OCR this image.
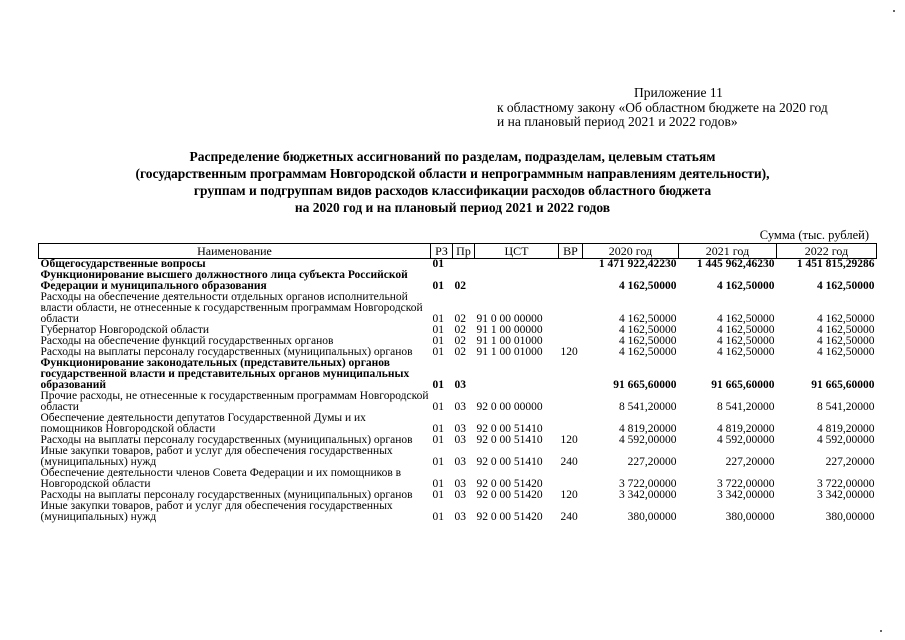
Приложение 11
к областному закону «Об областном бюджете на 2020 год
и на плановый период 2021 и 2022 годов»
Распределение бюджетных ассигнований по разделам, подразделам, целевым статьям
(государственным программам Новгородской области и непрограммным направлениям деятельности),
группам и подгруппам видов расходов классификации расходов областного бюджета
на 2020 год и на плановый период 2021 и 2022 годов
Сумма (тыс. рублей)
Наименование	РЗ	Пр	ЦСТ	ВР	2020 год	2021 год	2022 год
Общегосударственные вопросы	01				1 471 922,42230	1 445 962,46230	1 451 815,29286
Функционирование высшего должностного лица субъекта Российской Федерации и муниципального образования	01	02			4 162,50000	4 162,50000	4 162,50000
Расходы на обеспечение деятельности отдельных органов исполнительной власти области, не отнесенные к государственным программам Новгородской области	01	02	91 0 00 00000		4 162,50000	4 162,50000	4 162,50000
Губернатор Новгородской области	01	02	91 1 00 00000		4 162,50000	4 162,50000	4 162,50000
Расходы на обеспечение функций государственных органов	01	02	91 1 00 01000		4 162,50000	4 162,50000	4 162,50000
Расходы на выплаты персоналу государственных (муниципальных) органов	01	02	91 1 00 01000	120	4 162,50000	4 162,50000	4 162,50000
Функционирование законодательных (представительных) органов государственной власти и представительных органов муниципальных образований	01	03			91 665,60000	91 665,60000	91 665,60000
Прочие расходы, не отнесенные к государственным программам Новгородской области	01	03	92 0 00 00000		8 541,20000	8 541,20000	8 541,20000
Обеспечение деятельности депутатов Государственной Думы и их помощников Новгородской области	01	03	92 0 00 51410		4 819,20000	4 819,20000	4 819,20000
Расходы на выплаты персоналу государственных (муниципальных) органов	01	03	92 0 00 51410	120	4 592,00000	4 592,00000	4 592,00000
Иные закупки товаров, работ и услуг для обеспечения государственных (муниципальных) нужд	01	03	92 0 00 51410	240	227,20000	227,20000	227,20000
Обеспечение деятельности членов Совета Федерации и их помощников в Новгородской области	01	03	92 0 00 51420		3 722,00000	3 722,00000	3 722,00000
Расходы на выплаты персоналу государственных (муниципальных) органов	01	03	92 0 00 51420	120	3 342,00000	3 342,00000	3 342,00000
Иные закупки товаров, работ и услуг для обеспечения государственных (муниципальных) нужд	01	03	92 0 00 51420	240	380,00000	380,00000	380,00000
